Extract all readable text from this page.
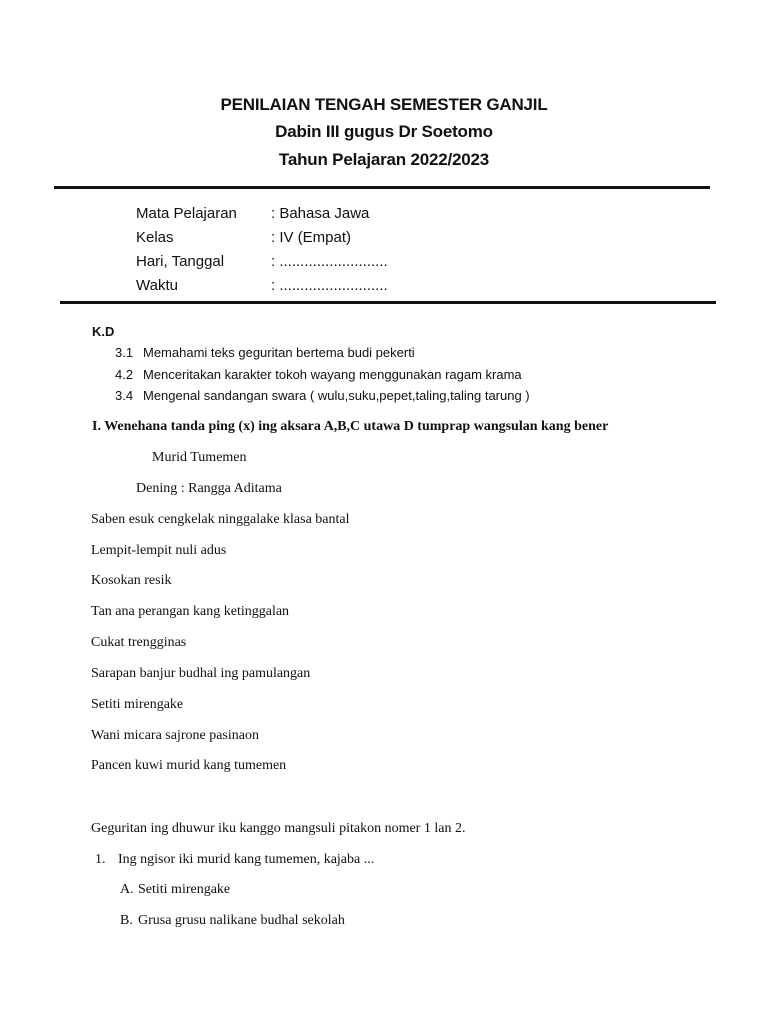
PENILAIAN TENGAH SEMESTER GANJIL
Dabin III gugus Dr Soetomo
Tahun Pelajaran 2022/2023
Mata Pelajaran : Bahasa Jawa
Kelas	: IV (Empat)
Hari, Tanggal	: ..........................
Waktu	: ..........................
K.D
3.1 Memahami teks geguritan bertema budi pekerti
4.2 Menceritakan karakter tokoh wayang menggunakan ragam krama
3.4 Mengenal sandangan swara ( wulu,suku,pepet,taling,taling tarung )
I. Wenehana tanda ping (x) ing aksara A,B,C utawa D tumprap wangsulan kang bener
Murid Tumemen
Dening : Rangga Aditama
Saben esuk cengkelak ninggalake klasa bantal
Lempit-lempit nuli adus
Kosokan resik
Tan ana perangan kang ketinggalan
Cukat trengginas
Sarapan banjur budhal ing pamulangan
Setiti mirengake
Wani micara sajrone pasinaon
Pancen kuwi murid kang tumemen
Geguritan ing dhuwur iku kanggo mangsuli pitakon nomer 1 lan 2.
1. Ing ngisor iki murid kang tumemen, kajaba ...
A. Setiti mirengake
B. Grusa grusu nalikane budhal sekolah
